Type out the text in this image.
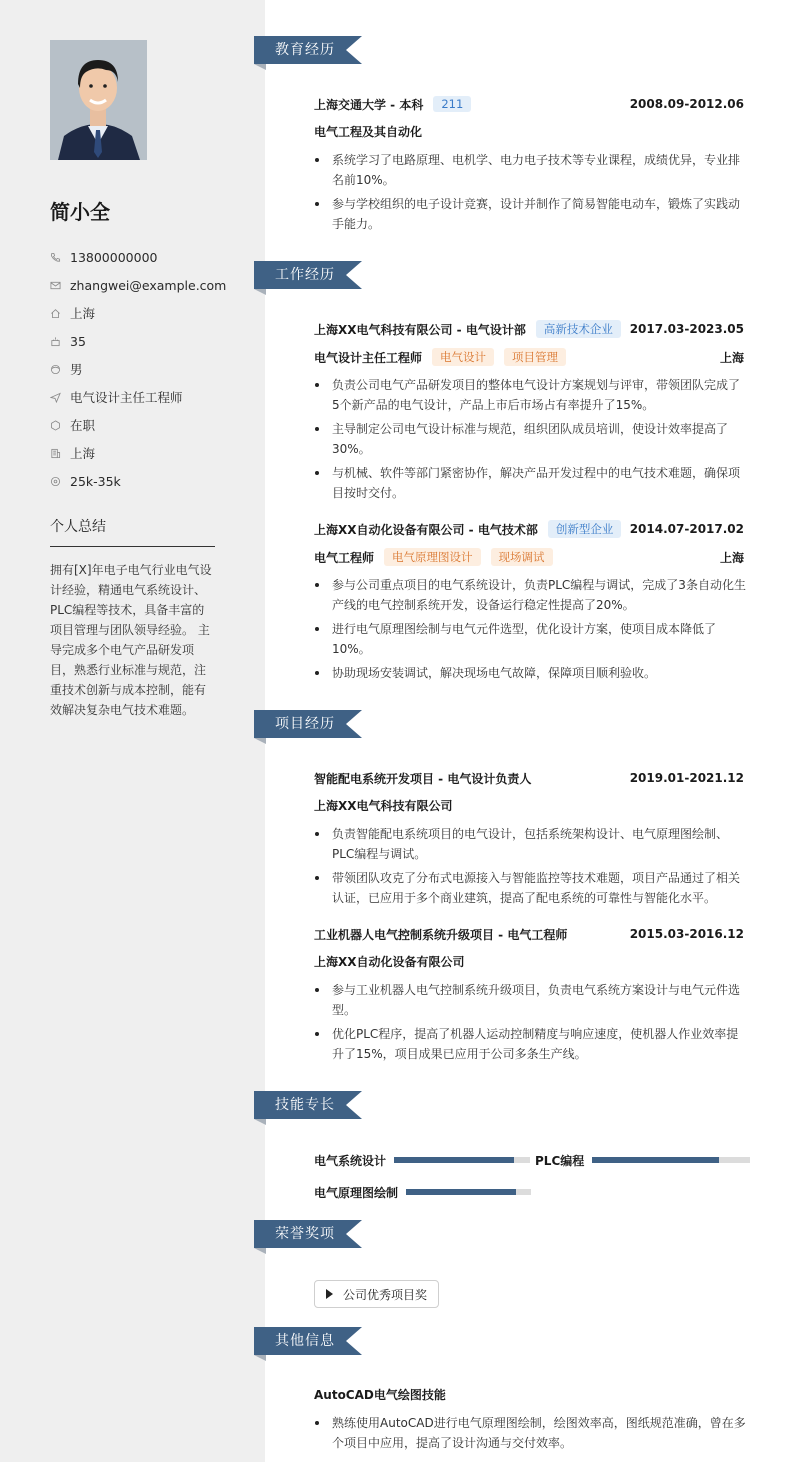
简小全
13800000000
zhangwei@example.com
上海
35
男
电气设计主任工程师
在职
上海
25k-35k
个人总结
拥有[X]年电子电气行业电气设计经验，精通电气系统设计、PLC编程等技术，具备丰富的项目管理与团队领导经验。 主导完成多个电气产品研发项目，熟悉行业标准与规范，注重技术创新与成本控制，能有效解决复杂电气技术难题。
教育经历
工作经历
项目经历
技能专长
荣誉奖项
其他信息
上海交通大学 - 本科	211	2008.09-2012.06
电气工程及其自动化
系统学习了电路原理、电机学、电力电子技术等专业课程，成绩优异，专业排名前10%。
参与学校组织的电子设计竞赛，设计并制作了简易智能电动车，锻炼了实践动手能力。
上海XX电气科技有限公司 - 电气设计部	高新技术企业	2017.03-2023.05
电气设计主任工程师	电气设计	项目管理	上海
负责公司电气产品研发项目的整体电气设计方案规划与评审，带领团队完成了5个新产品的电气设计，产品上市后市场占有率提升了15%。
主导制定公司电气设计标准与规范，组织团队成员培训，使设计效率提高了30%。
与机械、软件等部门紧密协作，解决产品开发过程中的电气技术难题，确保项目按时交付。
上海XX自动化设备有限公司 - 电气技术部	创新型企业	2014.07-2017.02
电气工程师	电气原理图设计	现场调试	上海
参与公司重点项目的电气系统设计，负责PLC编程与调试，完成了3条自动化生产线的电气控制系统开发，设备运行稳定性提高了20%。
进行电气原理图绘制与电气元件选型，优化设计方案，使项目成本降低了10%。
协助现场安装调试，解决现场电气故障，保障项目顺利验收。
智能配电系统开发项目 - 电气设计负责人	2019.01-2021.12
上海XX电气科技有限公司
负责智能配电系统项目的电气设计，包括系统架构设计、电气原理图绘制、PLC编程与调试。
带领团队攻克了分布式电源接入与智能监控等技术难题，项目产品通过了相关认证，已应用于多个商业建筑，提高了配电系统的可靠性与智能化水平。
工业机器人电气控制系统升级项目 - 电气工程师	2015.03-2016.12
上海XX自动化设备有限公司
参与工业机器人电气控制系统升级项目，负责电气系统方案设计与电气元件选型。
优化PLC程序，提高了机器人运动控制精度与响应速度，使机器人作业效率提升了15%，项目成果已应用于公司多条生产线。
电气系统设计	PLC编程
电气原理图绘制
公司优秀项目奖
AutoCAD电气绘图技能
熟练使用AutoCAD进行电气原理图绘制，绘图效率高，图纸规范准确，曾在多个项目中应用，提高了设计沟通与交付效率。
